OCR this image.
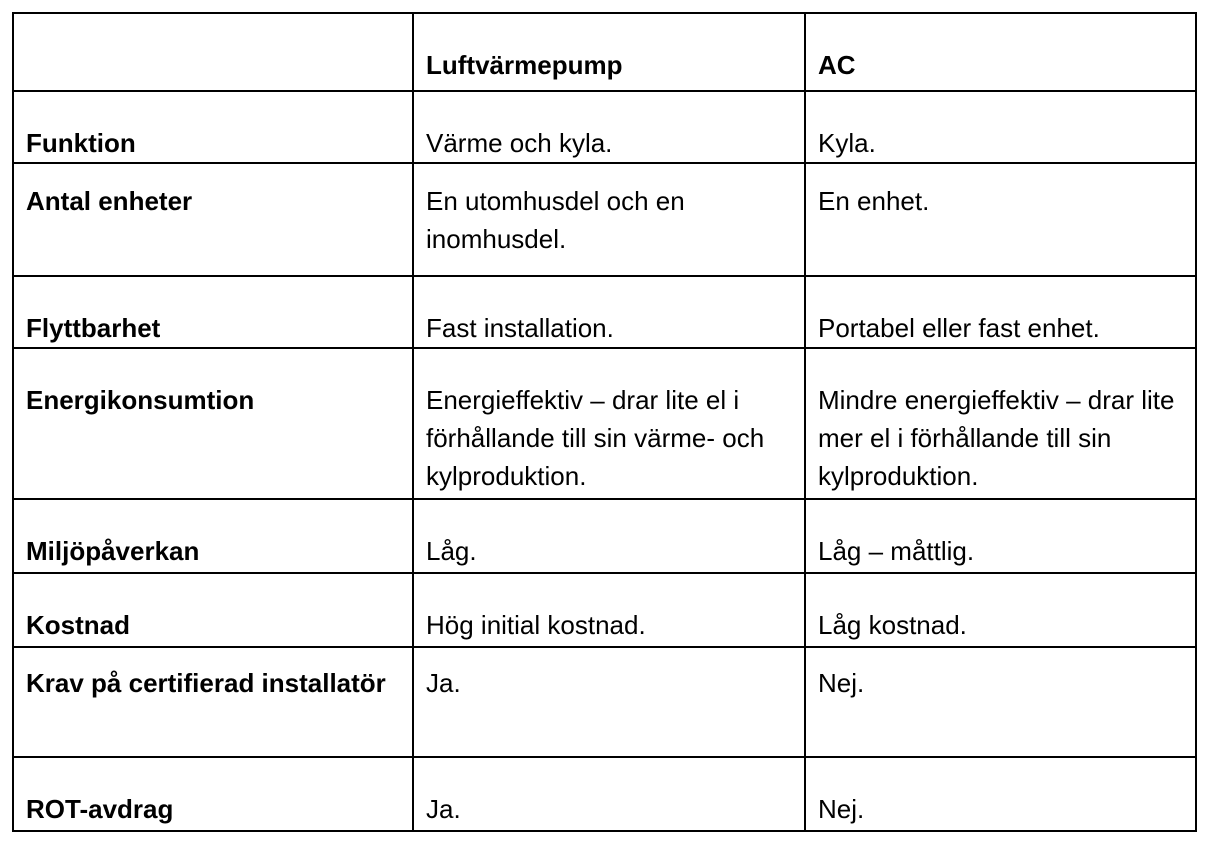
	Luftvärmepump	AC
Funktion	Värme och kyla.	Kyla.
Antal enheter	En utomhusdel och en inomhusdel.	En enhet.
Flyttbarhet	Fast installation.	Portabel eller fast enhet.
Energikonsumtion	Energieffektiv – drar lite el i förhållande till sin värme- och kylproduktion.	Mindre energieffektiv – drar lite mer el i förhållande till sin kylproduktion.
Miljöpåverkan	Låg.	Låg – måttlig.
Kostnad	Hög initial kostnad.	Låg kostnad.
Krav på certifierad installatör	Ja.	Nej.
ROT-avdrag	Ja.	Nej.
